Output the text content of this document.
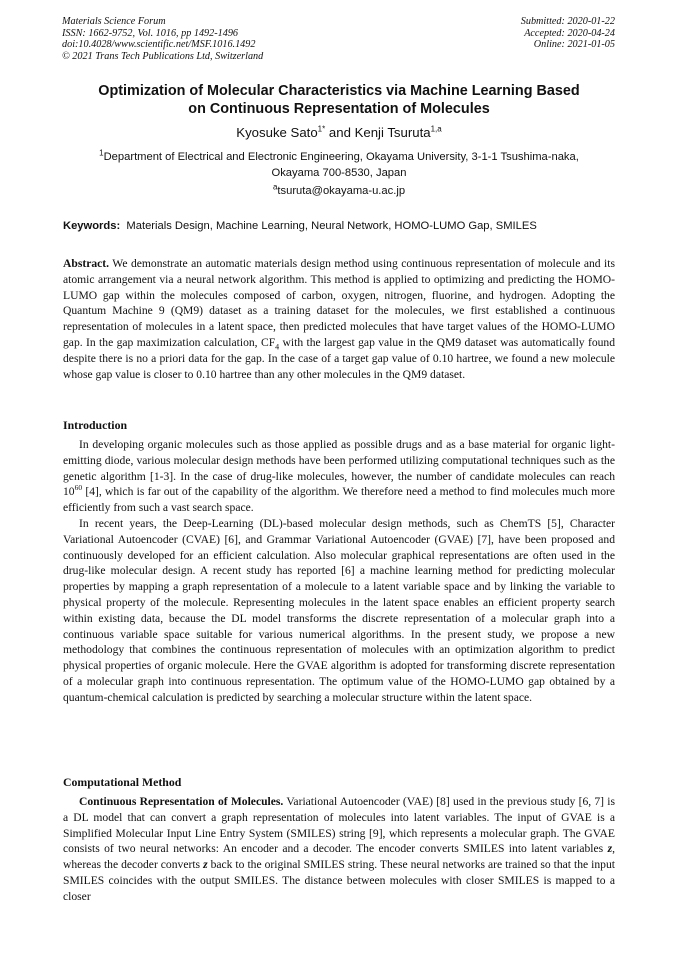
Materials Science Forum
ISSN: 1662-9752, Vol. 1016, pp 1492-1496
doi:10.4028/www.scientific.net/MSF.1016.1492
© 2021 Trans Tech Publications Ltd, Switzerland
Submitted: 2020-01-22
Accepted: 2020-04-24
Online: 2021-01-05
Optimization of Molecular Characteristics via Machine Learning Based
on Continuous Representation of Molecules
Kyosuke Sato$^{1*}$ and Kenji Tsuruta$^{1,a}$
$^1$Department of Electrical and Electronic Engineering, Okayama University, 3-1-1 Tsushima-naka,
Okayama 700-8530, Japan
$^a$tsuruta@okayama-u.ac.jp
Keywords: Materials Design, Machine Learning, Neural Network, HOMO-LUMO Gap, SMILES
Abstract. We demonstrate an automatic materials design method using continuous representation of molecule and its atomic arrangement via a neural network algorithm. This method is applied to optimizing and predicting the HOMO-LUMO gap within the molecules composed of carbon, oxygen, nitrogen, fluorine, and hydrogen. Adopting the Quantum Machine 9 (QM9) dataset as a training dataset for the molecules, we first established a continuous representation of molecules in a latent space, then predicted molecules that have target values of the HOMO-LUMO gap. In the gap maximization calculation, $CF_4$ with the largest gap value in the QM9 dataset was automatically found despite there is no a priori data for the gap. In the case of a target gap value of 0.10 hartree, we found a new molecule whose gap value is closer to 0.10 hartree than any other molecules in the QM9 dataset.
Introduction

In developing organic molecules such as those applied as possible drugs and as a base material for organic light-emitting diode, various molecular design methods have been performed utilizing computational techniques such as the genetic algorithm [1-3]. In the case of drug-like molecules, however, the number of candidate molecules can reach 10$^{60}$ [4], which is far out of the capability of the algorithm. We therefore need a method to find molecules much more efficiently from such a vast search space.

In recent years, the Deep-Learning (DL)-based molecular design methods, such as ChemTS [5], Character Variational Autoencoder (CVAE) [6], and Grammar Variational Autoencoder (GVAE) [7], have been proposed and continuously developed for an efficient calculation. Also molecular graphical representations are often used in the drug-like molecular design. A recent study has reported [6] a machine learning method for predicting molecular properties by mapping a graph representation of a molecule to a latent variable space and by linking the variable to physical property of the molecule. Representing molecules in the latent space enables an efficient property search within existing data, because the DL model transforms the discrete representation of a molecular graph into a continuous variable space suitable for various numerical algorithms. In the present study, we propose a new methodology that combines the continuous representation of molecules with an optimization algorithm to predict physical properties of organic molecule. Here the GVAE algorithm is adopted for transforming discrete representation of a molecular graph into continuous representation. The optimum value of the HOMO-LUMO gap obtained by a quantum-chemical calculation is predicted by searching a molecular structure within the latent space.

Computational Method

Continuous Representation of Molecules. Variational Autoencoder (VAE) [8] used in the previous study [6, 7] is a DL model that can convert a graph representation of molecules into latent variables. The input of GVAE is a Simplified Molecular Input Line Entry System (SMILES) string [9], which represents a molecular graph. The GVAE consists of two neural networks: An encoder and a decoder. The encoder converts SMILES into latent variables z, whereas the decoder converts z back to the original SMILES string. These neural networks are trained so that the input SMILES coincides with the output SMILES. The distance between molecules with closer SMILES is mapped to a closer
